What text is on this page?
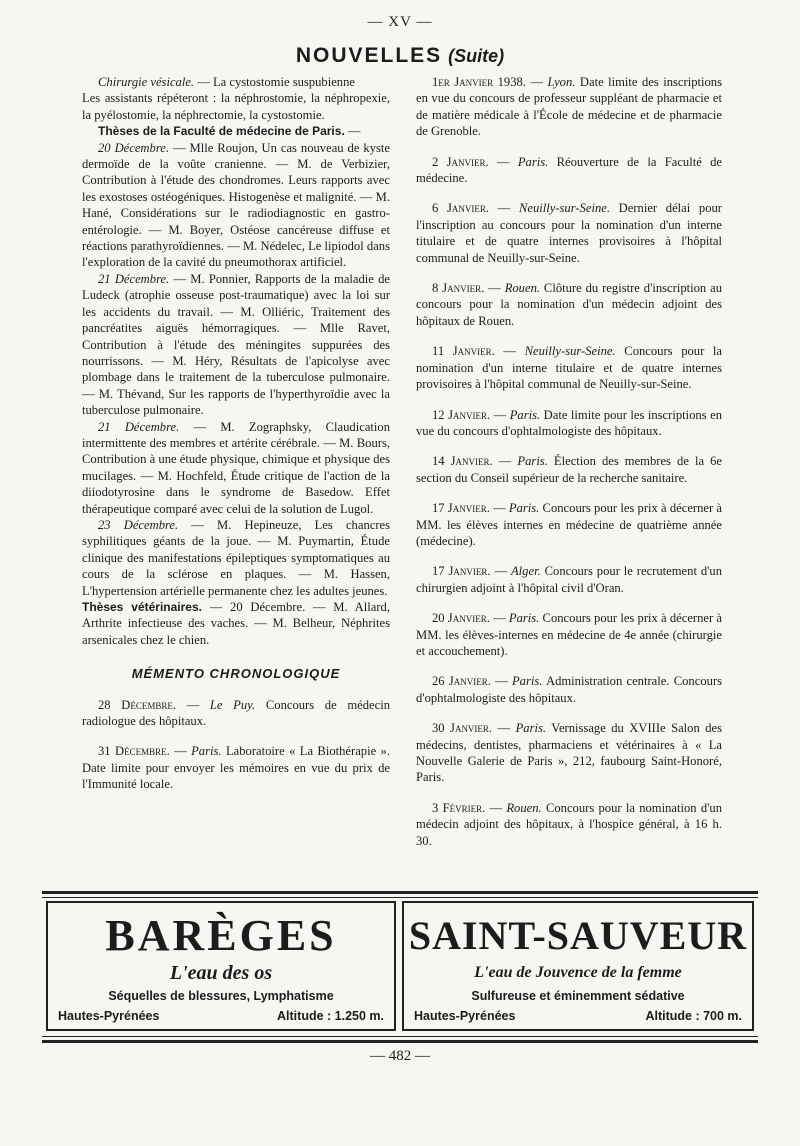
— XV —
NOUVELLES (Suite)

Chirurgie vésicale. — La cystostomie suspubienne

Les assistants répéteront : la néphrostomie, la néphropexie, la pyélostomie, la néphrectomie, la cystostomie.

Thèses de la Faculté de médecine de Paris. —

20 Décembre. — Mlle Roujon, Un cas nouveau de kyste dermoïde de la voûte cranienne. — M. de Verbizier, Contribution à l'étude des chondromes. Leurs rapports avec les exostoses ostéogéniques. Histogenèse et malignité. — M. Hané, Considérations sur le radiodiagnostic en gastro-entérologie. — M. Boyer, Ostéose cancéreuse diffuse et réactions parathyroïdiennes. — M. Nédelec, Le lipiodol dans l'exploration de la cavité du pneumothorax artificiel.

21 Décembre. — M. Ponnier, Rapports de la maladie de Ludeck (atrophie osseuse post-traumatique) avec la loi sur les accidents du travail. — M. Olliéric, Traitement des pancréatites aiguës hémorragiques. — Mlle Ravet, Contribution à l'étude des méningites suppurées des nourrissons. — M. Héry, Résultats de l'apicolyse avec plombage dans le traitement de la tuberculose pulmonaire. — M. Thévand, Sur les rapports de l'hyperthyroïdie avec la tuberculose pulmonaire.

21 Décembre. — M. Zographsky, Claudication intermittente des membres et artérite cérébrale. — M. Bours, Contribution à une étude physique, chimique et physique des mucilages. — M. Hochfeld, Étude critique de l'action de la diiodotyrosine dans le syndrome de Basedow. Effet thérapeutique comparé avec celui de la solution de Lugol.

23 Décembre. — M. Hepineuze, Les chancres syphilitiques géants de la joue. — M. Puymartin, Étude clinique des manifestations épileptiques symptomatiques au cours de la sclérose en plaques. — M. Hassen, L'hypertension artérielle permanente chez les adultes jeunes.

Thèses vétérinaires. — 20 Décembre. — M. Allard, Arthrite infectieuse des vaches. — M. Belheur, Néphrites arsenicales chez le chien.

MÉMENTO CHRONOLOGIQUE

28 Décembre. — Le Puy. Concours de médecin radiologue des hôpitaux.

31 Décembre. — Paris. Laboratoire « La Biothérapie ». Date limite pour envoyer les mémoires en vue du prix de l'Immunité locale.

1er Janvier 1938. — Lyon. Date limite des inscriptions en vue du concours de professeur suppléant de pharmacie et de matière médicale à l'École de médecine et de pharmacie de Grenoble.

2 Janvier. — Paris. Réouverture de la Faculté de médecine.

6 Janvier. — Neuilly-sur-Seine. Dernier délai pour l'inscription au concours pour la nomination d'un interne titulaire et de quatre internes provisoires à l'hôpital communal de Neuilly-sur-Seine.

8 Janvier. — Rouen. Clôture du registre d'inscription au concours pour la nomination d'un médecin adjoint des hôpitaux de Rouen.

11 Janvier. — Neuilly-sur-Seine. Concours pour la nomination d'un interne titulaire et de quatre internes provisoires à l'hôpital communal de Neuilly-sur-Seine.

12 Janvier. — Paris. Date limite pour les inscriptions en vue du concours d'ophtalmologiste des hôpitaux.

14 Janvier. — Paris. Élection des membres de la 6e section du Conseil supérieur de la recherche sanitaire.

17 Janvier. — Paris. Concours pour les prix à décerner à MM. les élèves internes en médecine de quatrième année (médecine).

17 Janvier. — Alger. Concours pour le recrutement d'un chirurgien adjoint à l'hôpital civil d'Oran.

20 Janvier. — Paris. Concours pour les prix à décerner à MM. les élèves-internes en médecine de 4e année (chirurgie et accouchement).

26 Janvier. — Paris. Administration centrale. Concours d'ophtalmologiste des hôpitaux.

30 Janvier. — Paris. Vernissage du XVIIIe Salon des médecins, dentistes, pharmaciens et vétérinaires à « La Nouvelle Galerie de Paris », 212, faubourg Saint-Honoré, Paris.

3 Février. — Rouen. Concours pour la nomination d'un médecin adjoint des hôpitaux, à l'hospice général, à 16 h. 30.

BARÈGES
L'eau des os
Séquelles de blessures, Lymphatisme
Hautes-Pyrénées	Altitude : 1.250 m.
SAINT-SAUVEUR
L'eau de Jouvence de la femme
Sulfureuse et éminemment sédative
Hautes-Pyrénées	Altitude : 700 m.
— 482 —
